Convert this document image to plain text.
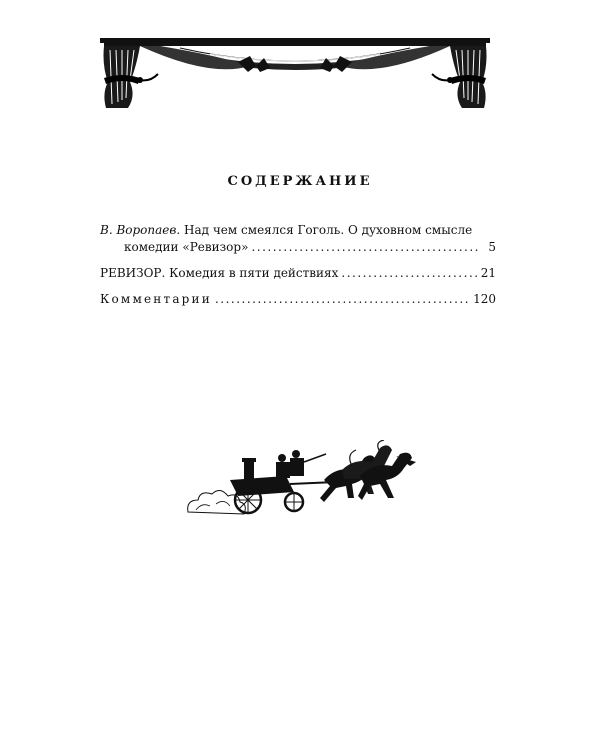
СОДЕРЖАНИЕ
В. Воропаев. Над чем смеялся Гоголь. О духовном смысле
комедии «Ревизор» .....	5
РЕВИЗОР. Комедия в пяти действиях .....	21
Комментарии .....	120
